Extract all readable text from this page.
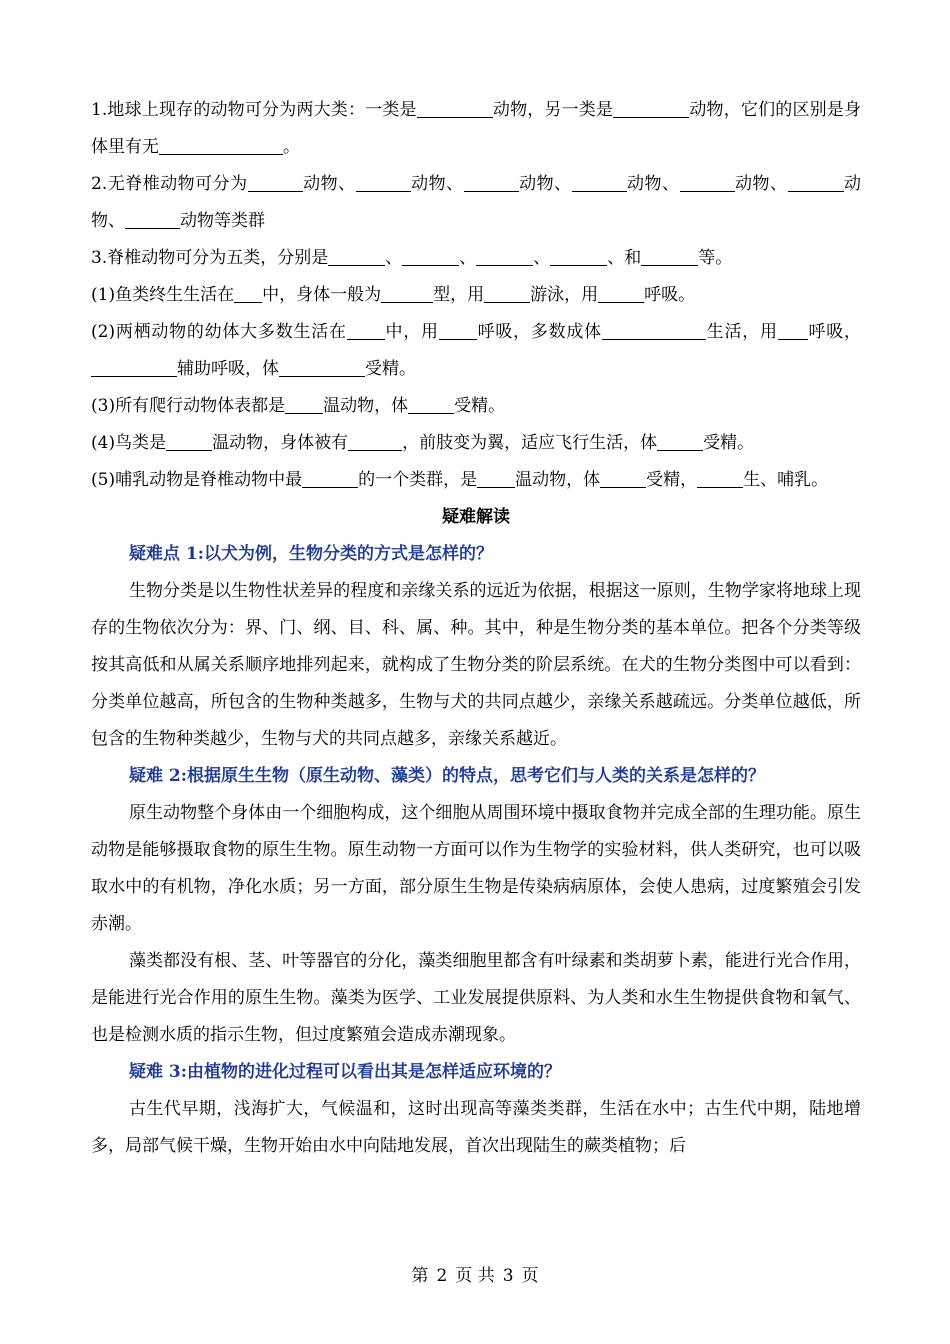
1.地球上现存的动物可分为两大类：一类是	动物，另一类是	动物，它们的区别是身体里有无	。

2.无脊椎动物可分为	动物、	动物、	动物、	动物、	动物、	动物、	动物等类群

3.脊椎动物可分为五类，分别是	、	、	、	、和	等。

(1)鱼类终生生活在 中，身体一般为	型，用	游泳，用	呼吸。

(2)两栖动物的幼体大多数生活在 中，用 呼吸，多数成体	生活，用 呼吸，辅助呼吸，体	受精。

(3)所有爬行动物体表都是 温动物，体	受精。

(4)鸟类是	温动物，身体被有	，前肢变为翼，适应飞行生活，体	受精。

(5)哺乳动物是脊椎动物中最	的一个类群，是 温动物，体	受精，	生、哺乳。

疑难解读

疑难点 1:以犬为例，生物分类的方式是怎样的？

生物分类是以生物性状差异的程度和亲缘关系的远近为依据，根据这一原则，生物学家将地球上现存的生物依次分为：界、门、纲、目、科、属、种。其中，种是生物分类的基本单位。把各个分类等级按其高低和从属关系顺序地排列起来，就构成了生物分类的阶层系统。在犬的生物分类图中可以看到：分类单位越高，所包含的生物种类越多，生物与犬的共同点越少，亲缘关系越疏远。分类单位越低，所包含的生物种类越少，生物与犬的共同点越多，亲缘关系越近。

疑难 2:根据原生生物（原生动物、藻类）的特点，思考它们与人类的关系是怎样的？

原生动物整个身体由一个细胞构成，这个细胞从周围环境中摄取食物并完成全部的生理功能。原生动物是能够摄取食物的原生生物。原生动物一方面可以作为生物学的实验材料，供人类研究，也可以吸取水中的有机物，净化水质；另一方面，部分原生生物是传染病病原体，会使人患病，过度繁殖会引发赤潮。

藻类都没有根、茎、叶等器官的分化，藻类细胞里都含有叶绿素和类胡萝卜素，能进行光合作用，是能进行光合作用的原生生物。藻类为医学、工业发展提供原料、为人类和水生生物提供食物和氧气、也是检测水质的指示生物，但过度繁殖会造成赤潮现象。

疑难 3:由植物的进化过程可以看出其是怎样适应环境的？

古生代早期，浅海扩大，气候温和，这时出现高等藻类类群，生活在水中；古生代中期，陆地增多，局部气候干燥，生物开始由水中向陆地发展，首次出现陆生的蕨类植物；后

第 2 页 共 3 页
